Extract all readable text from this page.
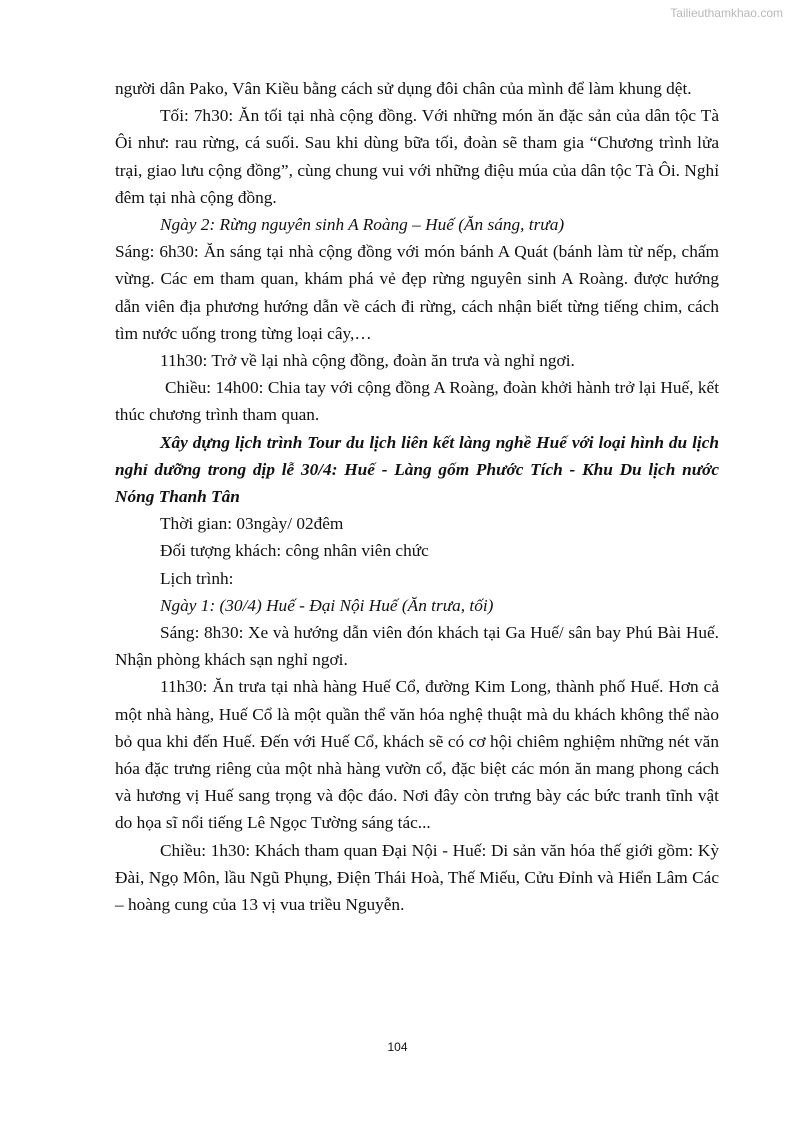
Tailieuthamkhao.com

người dân Pako, Vân Kiều bằng cách sử dụng đôi chân của mình để làm khung dệt.

Tối: 7h30: Ăn tối tại nhà cộng đồng. Với những món ăn đặc sản của dân tộc Tà Ôi như: rau rừng, cá suối. Sau khi dùng bữa tối, đoàn sẽ tham gia “Chương trình lửa trại, giao lưu cộng đồng”, cùng chung vui với những điệu múa của dân tộc Tà Ôi. Nghỉ đêm tại nhà cộng đồng.

Ngày 2: Rừng nguyên sinh A Roàng – Huế (Ăn sáng, trưa)

Sáng: 6h30: Ăn sáng tại nhà cộng đồng với món bánh A Quát (bánh làm từ nếp, chấm vừng. Các em tham quan, khám phá vẻ đẹp rừng nguyên sinh A Roàng. được hướng dẫn viên địa phương hướng dẫn về cách đi rừng, cách nhận biết từng tiếng chim, cách tìm nước uống trong từng loại cây,…

11h30: Trở về lại nhà cộng đồng, đoàn ăn trưa và nghỉ ngơi.

Chiều: 14h00: Chia tay với cộng đồng A Roàng, đoàn khởi hành trở lại Huế, kết thúc chương trình tham quan.

Xây dựng lịch trình Tour du lịch liên kết làng nghề Huế với loại hình du lịch nghỉ dưỡng trong dịp lễ 30/4: Huế - Làng gốm Phước Tích - Khu Du lịch nước Nóng Thanh Tân

Thời gian: 03ngày/ 02đêm

Đối tượng khách: công nhân viên chức

Lịch trình:

Ngày 1: (30/4) Huế - Đại Nội Huế (Ăn trưa, tối)

Sáng: 8h30: Xe và hướng dẫn viên đón khách tại Ga Huế/ sân bay Phú Bài Huế. Nhận phòng khách sạn nghỉ ngơi.

11h30: Ăn trưa tại nhà hàng Huế Cổ, đường Kim Long, thành phố Huế. Hơn cả một nhà hàng, Huế Cổ là một quần thể văn hóa nghệ thuật mà du khách không thể nào bỏ qua khi đến Huế. Đến với Huế Cổ, khách sẽ có cơ hội chiêm nghiệm những nét văn hóa đặc trưng riêng của một nhà hàng vườn cổ, đặc biệt các món ăn mang phong cách và hương vị Huế sang trọng và độc đáo. Nơi đây còn trưng bày các bức tranh tĩnh vật do họa sĩ nổi tiếng Lê Ngọc Tường sáng tác...

Chiều: 1h30: Khách tham quan Đại Nội - Huế: Di sản văn hóa thế giới gồm: Kỳ Đài, Ngọ Môn, lầu Ngũ Phụng, Điện Thái Hoà, Thế Miếu, Cửu Đỉnh và Hiển Lâm Các – hoàng cung của 13 vị vua triều Nguyễn.

104
